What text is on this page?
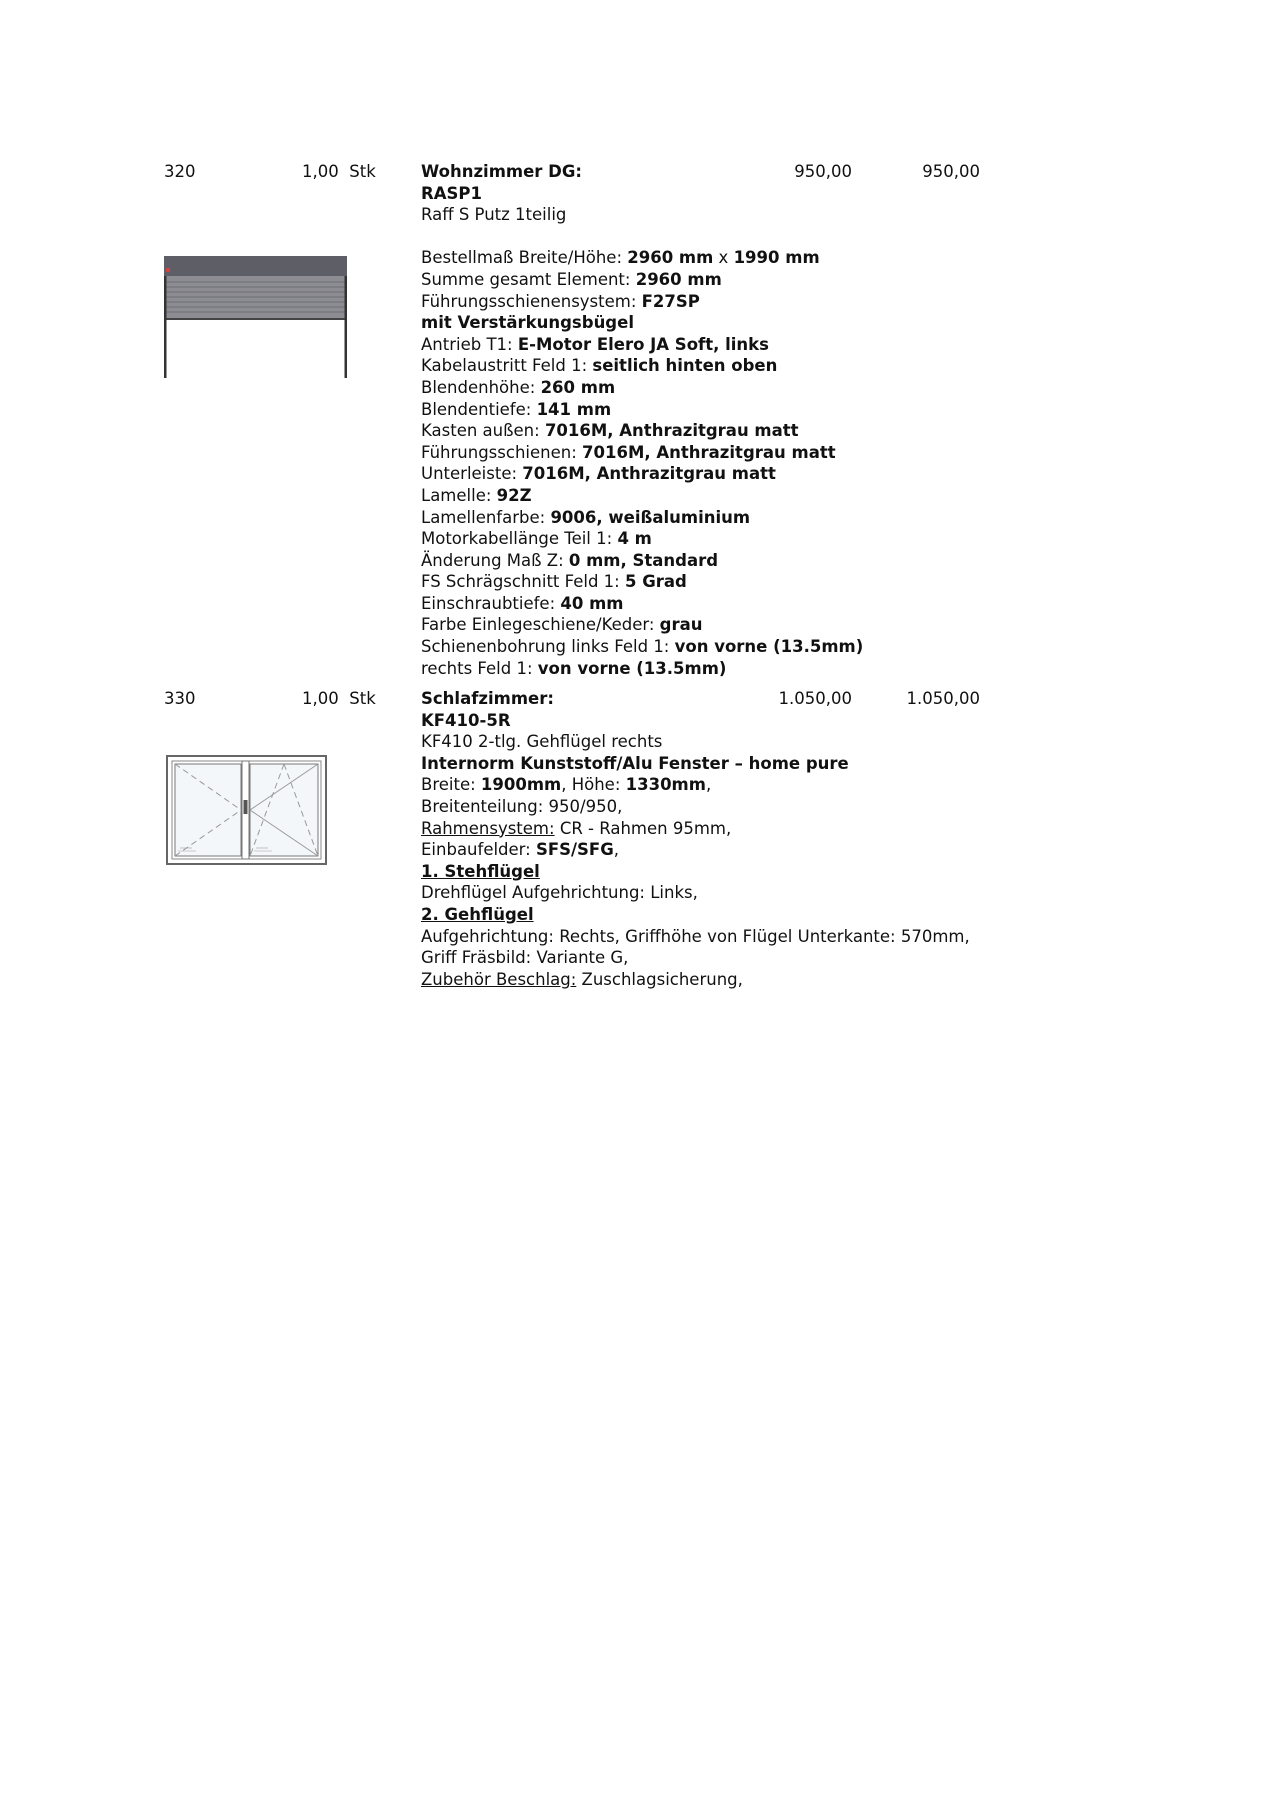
320	1,00 Stk	950,00	950,00
Wohnzimmer DG:
RASP1
Raff S Putz 1teilig
Bestellmaß Breite/Höhe: 2960 mm x 1990 mm
Summe gesamt Element: 2960 mm
Führungsschienensystem: F27SP
mit Verstärkungsbügel
Antrieb T1: E-Motor Elero JA Soft, links
Kabelaustritt Feld 1: seitlich hinten oben
Blendenhöhe: 260 mm
Blendentiefe: 141 mm
Kasten außen: 7016M, Anthrazitgrau matt
Führungsschienen: 7016M, Anthrazitgrau matt
Unterleiste: 7016M, Anthrazitgrau matt
Lamelle: 92Z
Lamellenfarbe: 9006, weißaluminium
Motorkabellänge Teil 1: 4 m
Änderung Maß Z: 0 mm, Standard
FS Schrägschnitt Feld 1: 5 Grad
Einschraubtiefe: 40 mm
Farbe Einlegeschiene/Keder: grau
Schienenbohrung links Feld 1: von vorne (13.5mm)
rechts Feld 1: von vorne (13.5mm)
330	1,00 Stk	1.050,00	1.050,00
Schlafzimmer:
KF410-5R
KF410 2-tlg. Gehflügel rechts
Internorm Kunststoff/Alu Fenster – home pure
Breite: 1900mm, Höhe: 1330mm,
Breitenteilung: 950/950,
Rahmensystem: CR - Rahmen 95mm,
Einbaufelder: SFS/SFG,
1. Stehflügel
Drehflügel Aufgehrichtung: Links,
2. Gehflügel
Aufgehrichtung: Rechts, Griffhöhe von Flügel Unterkante: 570mm,
Griff Fräsbild: Variante G,
Zubehör Beschlag: Zuschlagsicherung,
